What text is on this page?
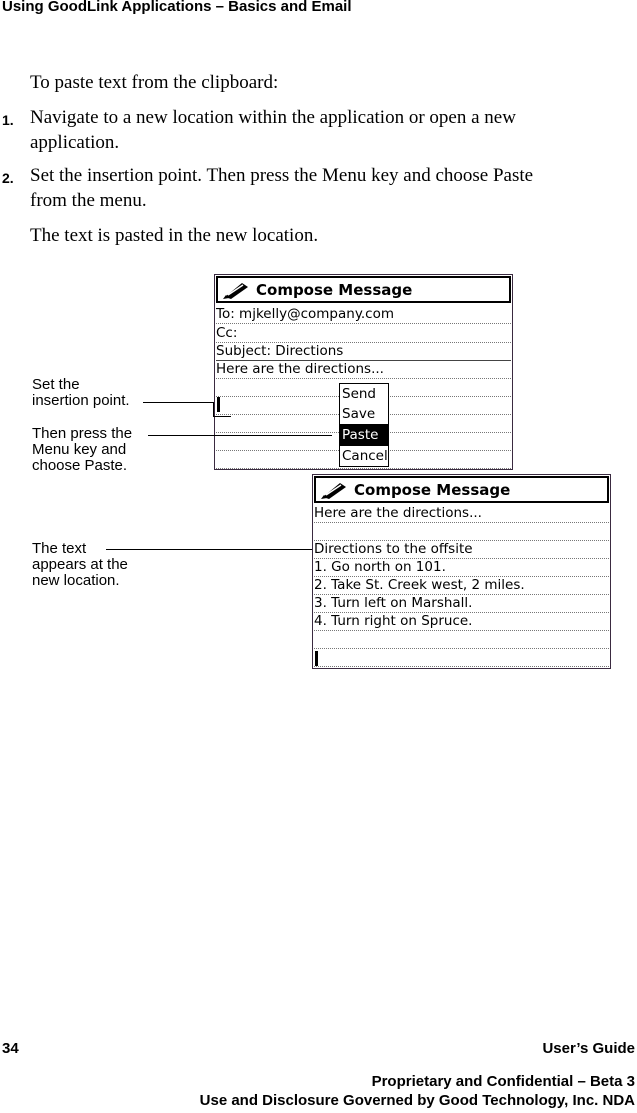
Using GoodLink Applications – Basics and Email
To paste text from the clipboard:
1. Navigate to a new location within the application or open a new
application.
2. Set the insertion point. Then press the Menu key and choose Paste
from the menu.
The text is pasted in the new location.
Compose Message
To: mjkelly@company.com
Cc:
Subject: Directions
Here are the directions...
Send
Save
Paste
Cancel
Compose Message
Here are the directions...
Directions to the offsite
1. Go north on 101.
2. Take St. Creek west, 2 miles.
3. Turn left on Marshall.
4. Turn right on Spruce.
Set the
insertion point.
Then press the
Menu key and
choose Paste.
The text
appears at the
new location.
34	User’s Guide
Proprietary and Confidential – Beta 3
Use and Disclosure Governed by Good Technology, Inc. NDA
